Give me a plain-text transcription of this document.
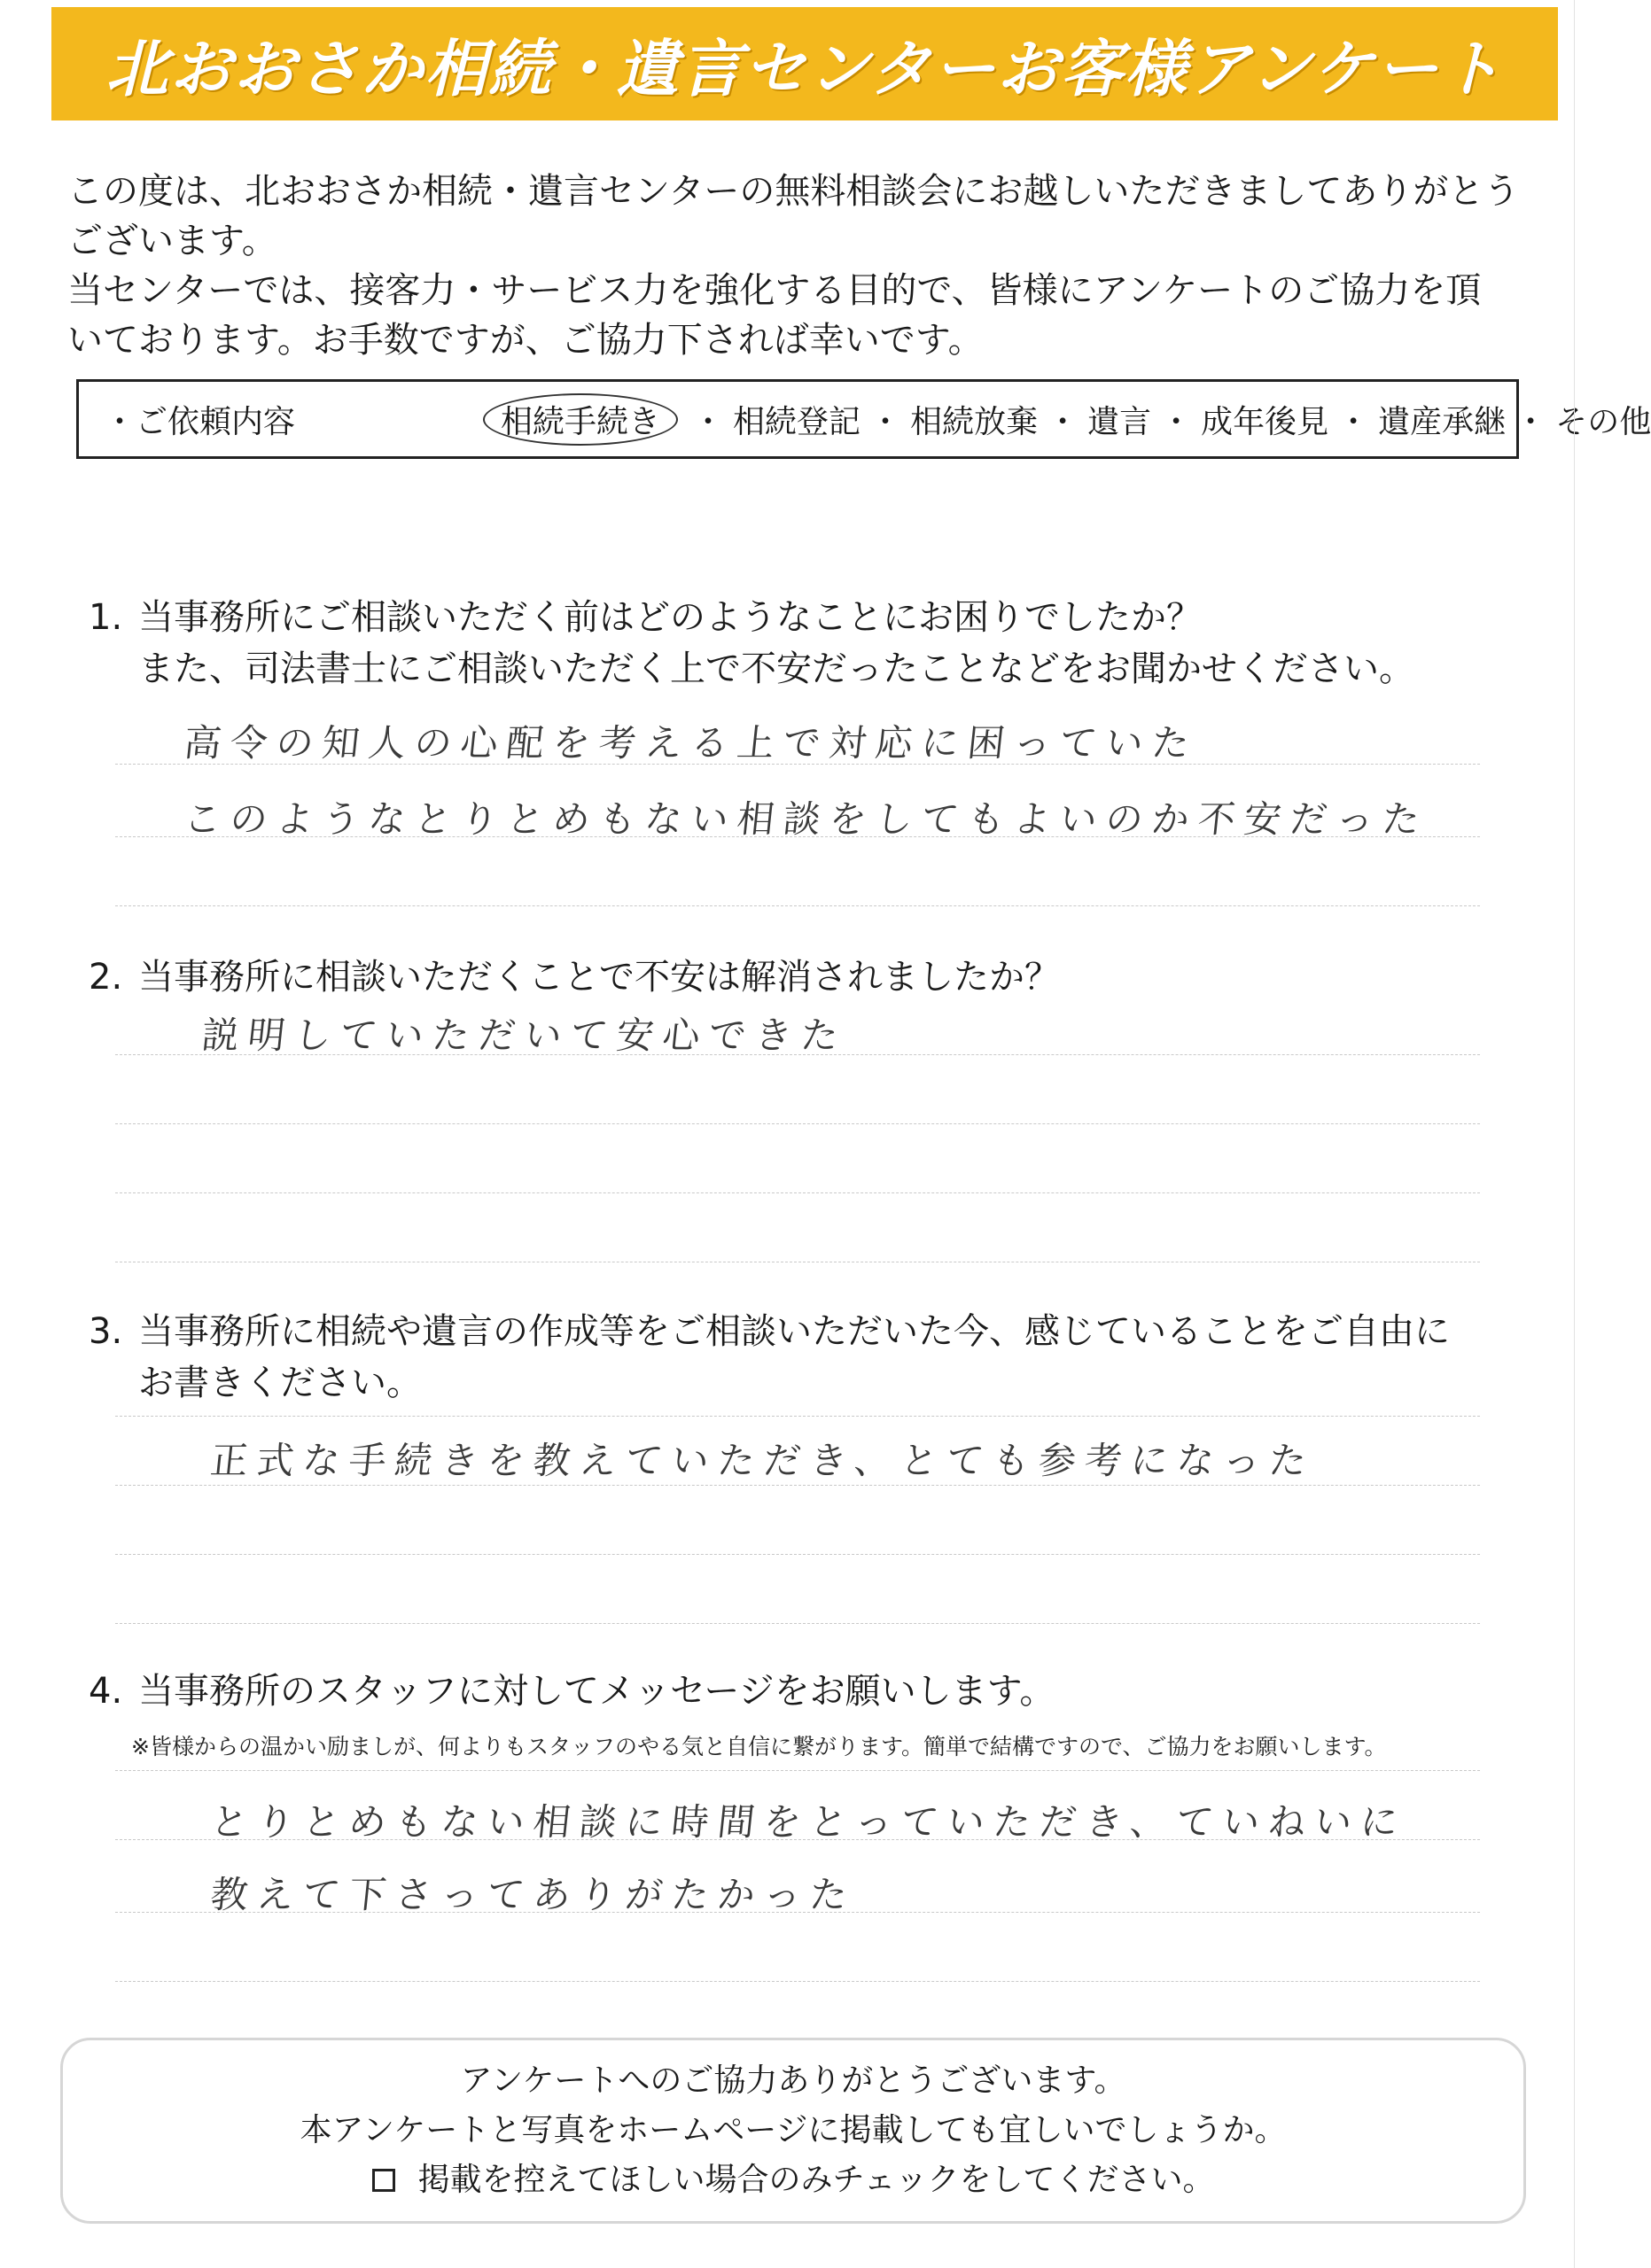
北おおさか相続・遺言センターお客様アンケート

この度は、北おおさか相続・遺言センターの無料相談会にお越しいただきましてありがとう

ございます。

当センターでは、接客力・サービス力を強化する目的で、皆様にアンケートのご協力を頂

いております。お手数ですが、ご協力下されば幸いです。

・ご依頼内容	相続手続き	・ 相続登記 ・ 相続放棄 ・ 遺言 ・ 成年後見 ・ 遺産承継 ・ その他
1. 当事務所にご相談いただく前はどのようなことにお困りでしたか？

また、司法書士にご相談いただく上で不安だったことなどをお聞かせください。

高令の知人の心配を考える上で対応に困っていた
このようなとりとめもない相談をしてもよいのか不安だった
2. 当事務所に相談いただくことで不安は解消されましたか？

説明していただいて安心できた
3. 当事務所に相続や遺言の作成等をご相談いただいた今、感じていることをご自由に

お書きください。

正式な手続きを教えていただき、とても参考になった
4. 当事務所のスタッフに対してメッセージをお願いします。

※皆様からの温かい励ましが、何よりもスタッフのやる気と自信に繋がります。簡単で結構ですので、ご協力をお願いします。
とりとめもない相談に時間をとっていただき、ていねいに
教えて下さってありがたかった

アンケートへのご協力ありがとうございます。

本アンケートと写真をホームページに掲載しても宜しいでしょうか。

掲載を控えてほしい場合のみチェックをしてください。
